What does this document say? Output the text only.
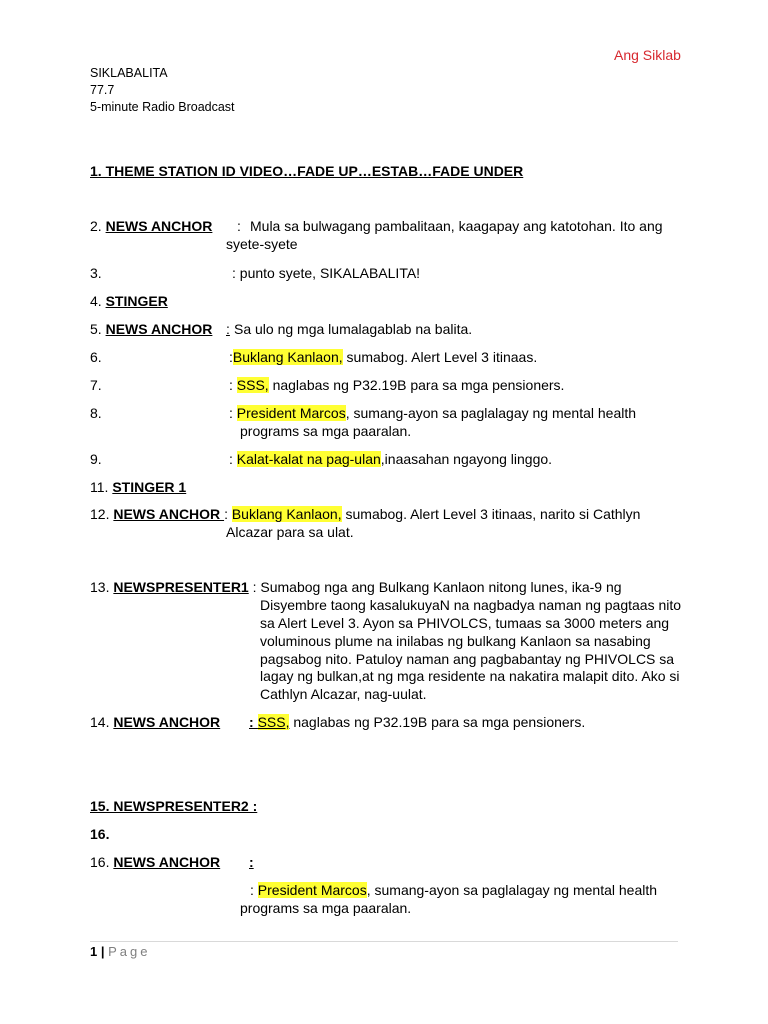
Ang Siklab
SIKLABALITA
77.7
5-minute Radio Broadcast
1. THEME STATION ID VIDEO…FADE UP…ESTAB…FADE UNDER
2. NEWS ANCHOR : Mula sa bulwagang pambalitaan, kaagapay ang katotohan. Ito ang
syete-syete
3.	: punto syete, SIKALABALITA!
4. STINGER
5. NEWS ANCHOR : Sa ulo ng mga lumalagablab na balita.
6.	:Buklang Kanlaon, sumabog. Alert Level 3 itinaas.
7.	: SSS, naglabas ng P32.19B para sa mga pensioners.
8.	: President Marcos, sumang-ayon sa paglalagay ng mental health
programs sa mga paaralan.
9.	: Kalat-kalat na pag-ulan,inaasahan ngayong linggo.
11. STINGER 1
12. NEWS ANCHOR : Buklang Kanlaon, sumabog. Alert Level 3 itinaas, narito si Cathlyn
Alcazar para sa ulat.
13. NEWSPRESENTER1 : Sumabog nga ang Bulkang Kanlaon nitong lunes, ika-9 ng
Disyembre taong kasalukuyaN na nagbadya naman ng pagtaas nito
sa Alert Level 3. Ayon sa PHIVOLCS, tumaas sa 3000 meters ang
voluminous plume na inilabas ng bulkang Kanlaon sa nasabing
pagsabog nito. Patuloy naman ang pagbabantay ng PHIVOLCS sa
lagay ng bulkan,at ng mga residente na nakatira malapit dito. Ako si
Cathlyn Alcazar, nag-uulat.
14. NEWS ANCHOR : SSS, naglabas ng P32.19B para sa mga pensioners.
15. NEWSPRESENTER2 :
16.
16. NEWS ANCHOR :
: President Marcos, sumang-ayon sa paglalagay ng mental health
programs sa mga paaralan.
1 | Page
